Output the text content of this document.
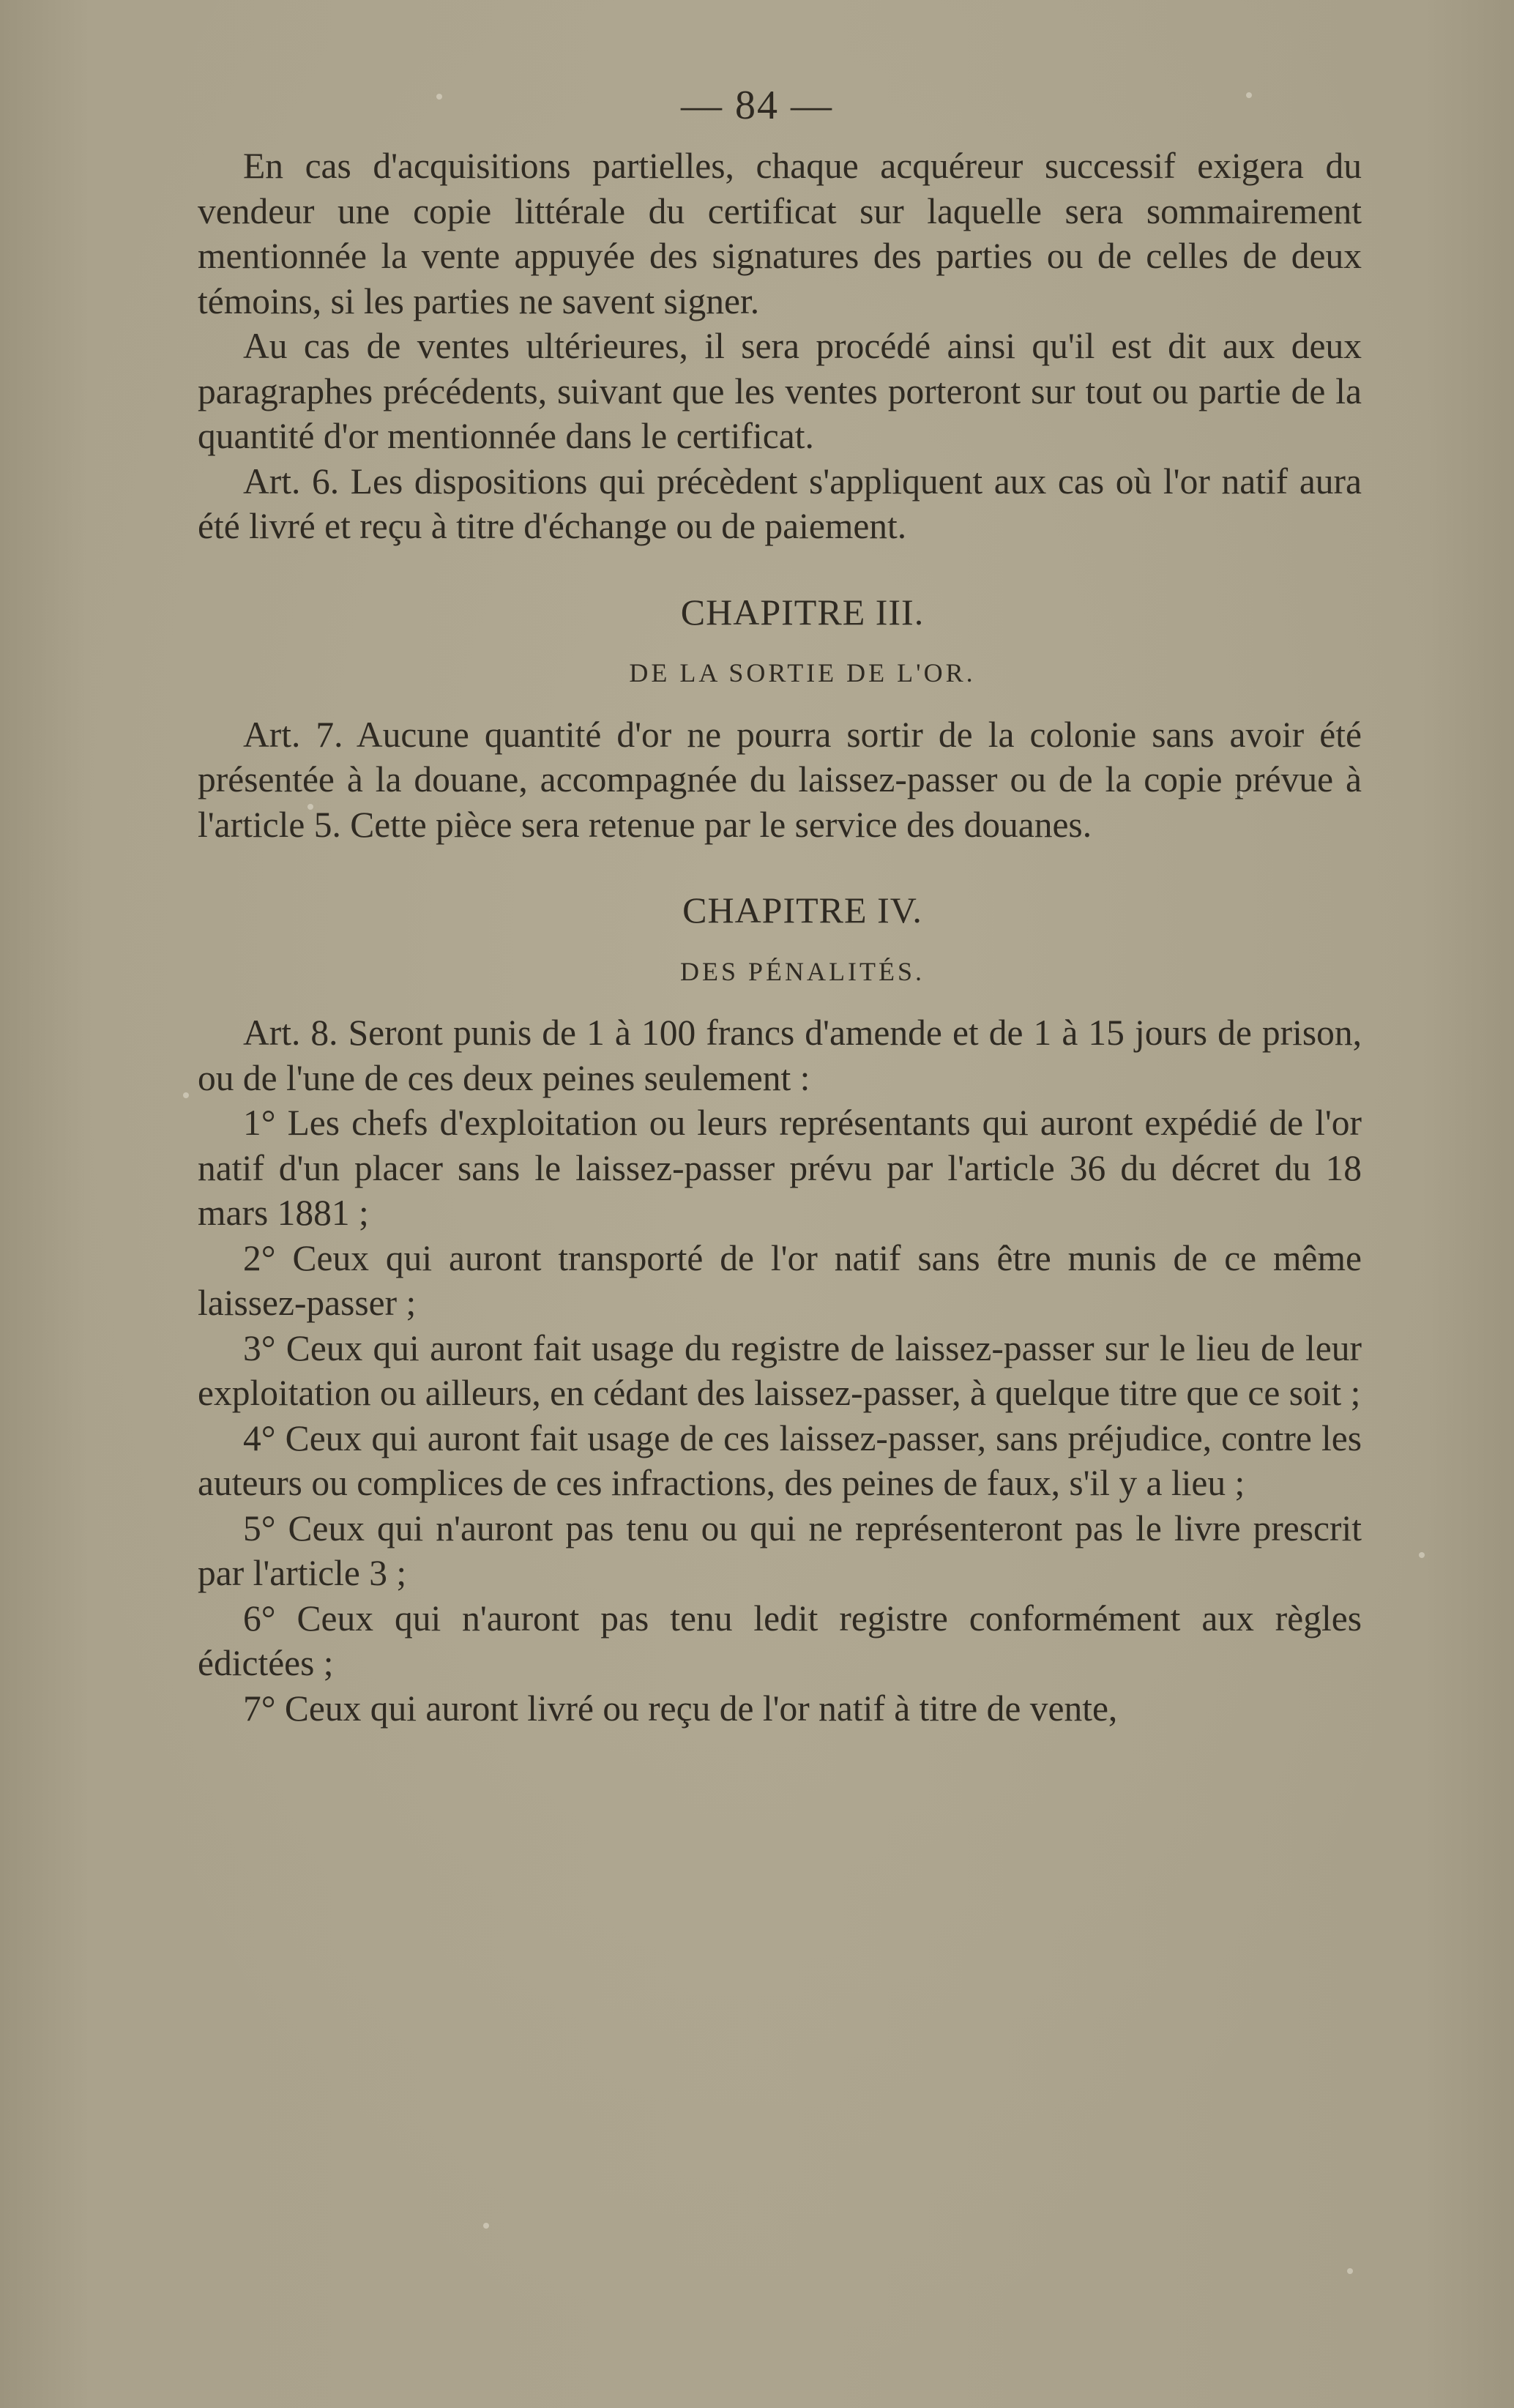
— 84 —

En cas d'acquisitions partielles, chaque acquéreur successif exigera du vendeur une copie littérale du certificat sur laquelle sera sommairement mentionnée la vente appuyée des signatures des parties ou de celles de deux témoins, si les parties ne savent signer.

Au cas de ventes ultérieures, il sera procédé ainsi qu'il est dit aux deux paragraphes précédents, suivant que les ventes porteront sur tout ou partie de la quantité d'or mentionnée dans le certificat.

Art. 6. Les dispositions qui précèdent s'appliquent aux cas où l'or natif aura été livré et reçu à titre d'échange ou de paiement.

CHAPITRE III.

DE LA SORTIE DE L'OR.

Art. 7. Aucune quantité d'or ne pourra sortir de la colonie sans avoir été présentée à la douane, accompagnée du laissez-passer ou de la copie prévue à l'article 5. Cette pièce sera retenue par le service des douanes.

CHAPITRE IV.

DES PÉNALITÉS.

Art. 8. Seront punis de 1 à 100 francs d'amende et de 1 à 15 jours de prison, ou de l'une de ces deux peines seulement :

1° Les chefs d'exploitation ou leurs représentants qui auront expédié de l'or natif d'un placer sans le laissez-passer prévu par l'article 36 du décret du 18 mars 1881 ;

2° Ceux qui auront transporté de l'or natif sans être munis de ce même laissez-passer ;

3° Ceux qui auront fait usage du registre de laissez-passer sur le lieu de leur exploitation ou ailleurs, en cédant des laissez-passer, à quelque titre que ce soit ;

4° Ceux qui auront fait usage de ces laissez-passer, sans préjudice, contre les auteurs ou complices de ces infractions, des peines de faux, s'il y a lieu ;

5° Ceux qui n'auront pas tenu ou qui ne représenteront pas le livre prescrit par l'article 3 ;

6° Ceux qui n'auront pas tenu ledit registre conformément aux règles édictées ;

7° Ceux qui auront livré ou reçu de l'or natif à titre de vente,
